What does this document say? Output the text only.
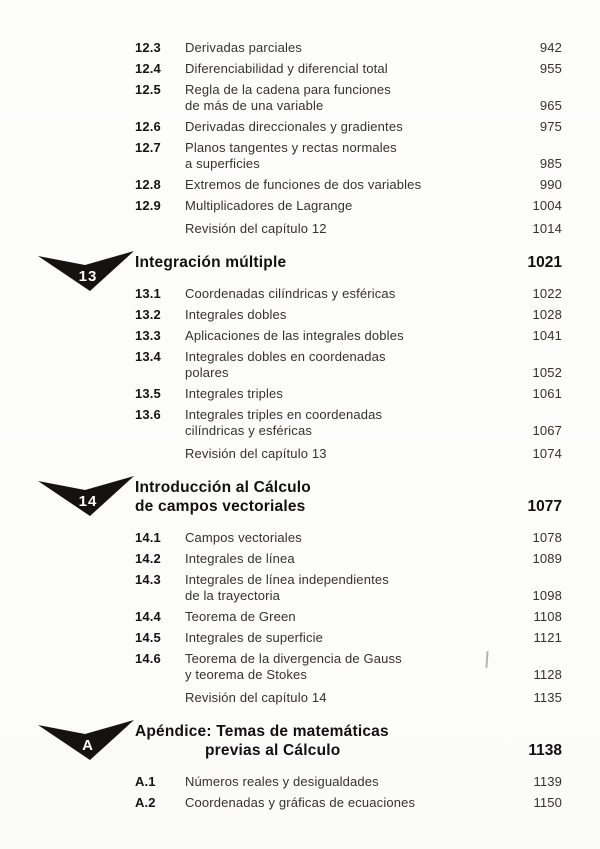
12.3	Derivadas parciales	942
12.4	Diferenciabilidad y diferencial total	955
12.5	Regla de la cadena para funciones
de más de una variable	965
12.6	Derivadas direccionales y gradientes	975
12.7	Planos tangentes y rectas normales
a superficies	985
12.8	Extremos de funciones de dos variables	990
12.9	Multiplicadores de Lagrange	1004
Revisión del capítulo 12	1014
13
Integración múltiple	1021
13.1	Coordenadas cilíndricas y esféricas	1022
13.2	Integrales dobles	1028
13.3	Aplicaciones de las integrales dobles	1041
13.4	Integrales dobles en coordenadas
polares	1052
13.5	Integrales triples	1061
13.6	Integrales triples en coordenadas
cilíndricas y esféricas	1067
Revisión del capítulo 13	1074
14
Introducción al Cálculo
de campos vectoriales	1077
14.1	Campos vectoriales	1078
14.2	Integrales de línea	1089
14.3	Integrales de línea independientes
de la trayectoria	1098
14.4	Teorema de Green	1108
14.5	Integrales de superficie	1121
14.6	Teorema de la divergencia de Gauss
y teorema de Stokes	1128
Revisión del capítulo 14	1135
A
Apéndice: Temas de matemáticas
previas al Cálculo	1138
A.1	Números reales y desigualdades	1139
A.2	Coordenadas y gráficas de ecuaciones	1150
